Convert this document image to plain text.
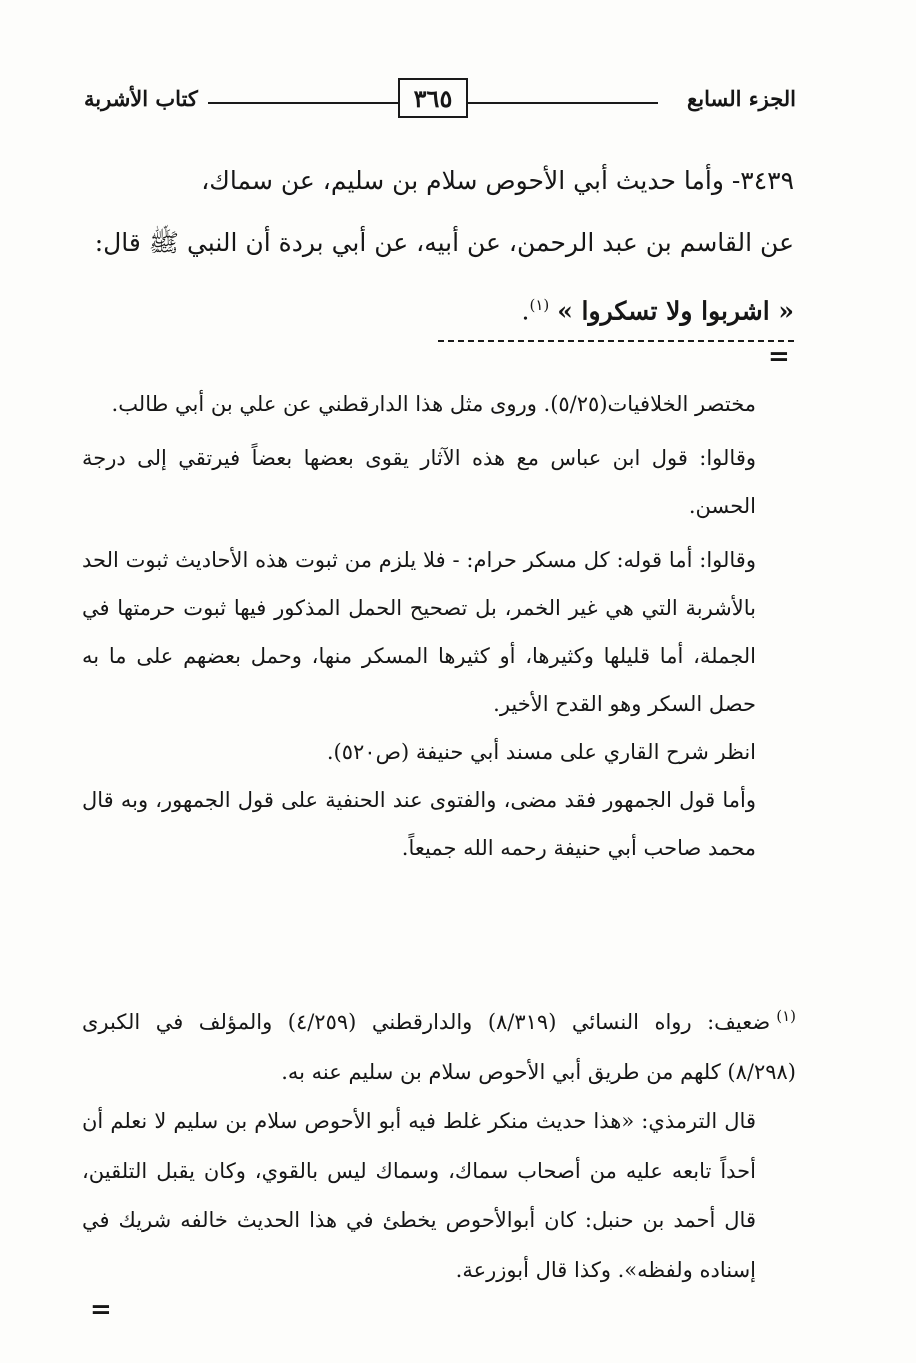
الجزء السابع
٣٦٥
كتاب الأشربة

٣٤٣٩- وأما حديث أبي الأحوص سلام بن سليم، عن سماك،

عن القاسم بن عبد الرحمن، عن أبيه، عن أبي بردة أن النبي ﷺ قال:

« اشربوا ولا تسكروا » $^{(١)}$.

=

مختصر الخلافيات(٥/٢٥). وروى مثل هذا الدارقطني عن علي بن أبي طالب.

وقالوا: قول ابن عباس مع هذه الآثار يقوى بعضها بعضاً فيرتقي إلى درجة الحسن.

وقالوا: أما قوله: كل مسكر حرام: - فلا يلزم من ثبوت هذه الأحاديث ثبوت الحد بالأشربة التي هي غير الخمر، بل تصحيح الحمل المذكور فيها ثبوت حرمتها في الجملة، أما قليلها وكثيرها، أو كثيرها المسكر منها، وحمل بعضهم على ما به حصل السكر وهو القدح الأخير.

انظر شرح القاري على مسند أبي حنيفة (ص٥٢٠).

وأما قول الجمهور فقد مضى، والفتوى عند الحنفية على قول الجمهور، وبه قال محمد صاحب أبي حنيفة رحمه الله جميعاً.

$^{(١)}$ضعيف: رواه النسائي (٨/٣١٩) والدارقطني (٤/٢٥٩) والمؤلف في الكبرى (٨/٢٩٨) كلهم من طريق أبي الأحوص سلام بن سليم عنه به.

قال الترمذي: «هذا حديث منكر غلط فيه أبو الأحوص سلام بن سليم لا نعلم أن أحداً تابعه عليه من أصحاب سماك، وسماك ليس بالقوي، وكان يقبل التلقين، قال أحمد بن حنبل: كان أبوالأحوص يخطئ في هذا الحديث خالفه شريك في إسناده ولفظه». وكذا قال أبوزرعة.

=
